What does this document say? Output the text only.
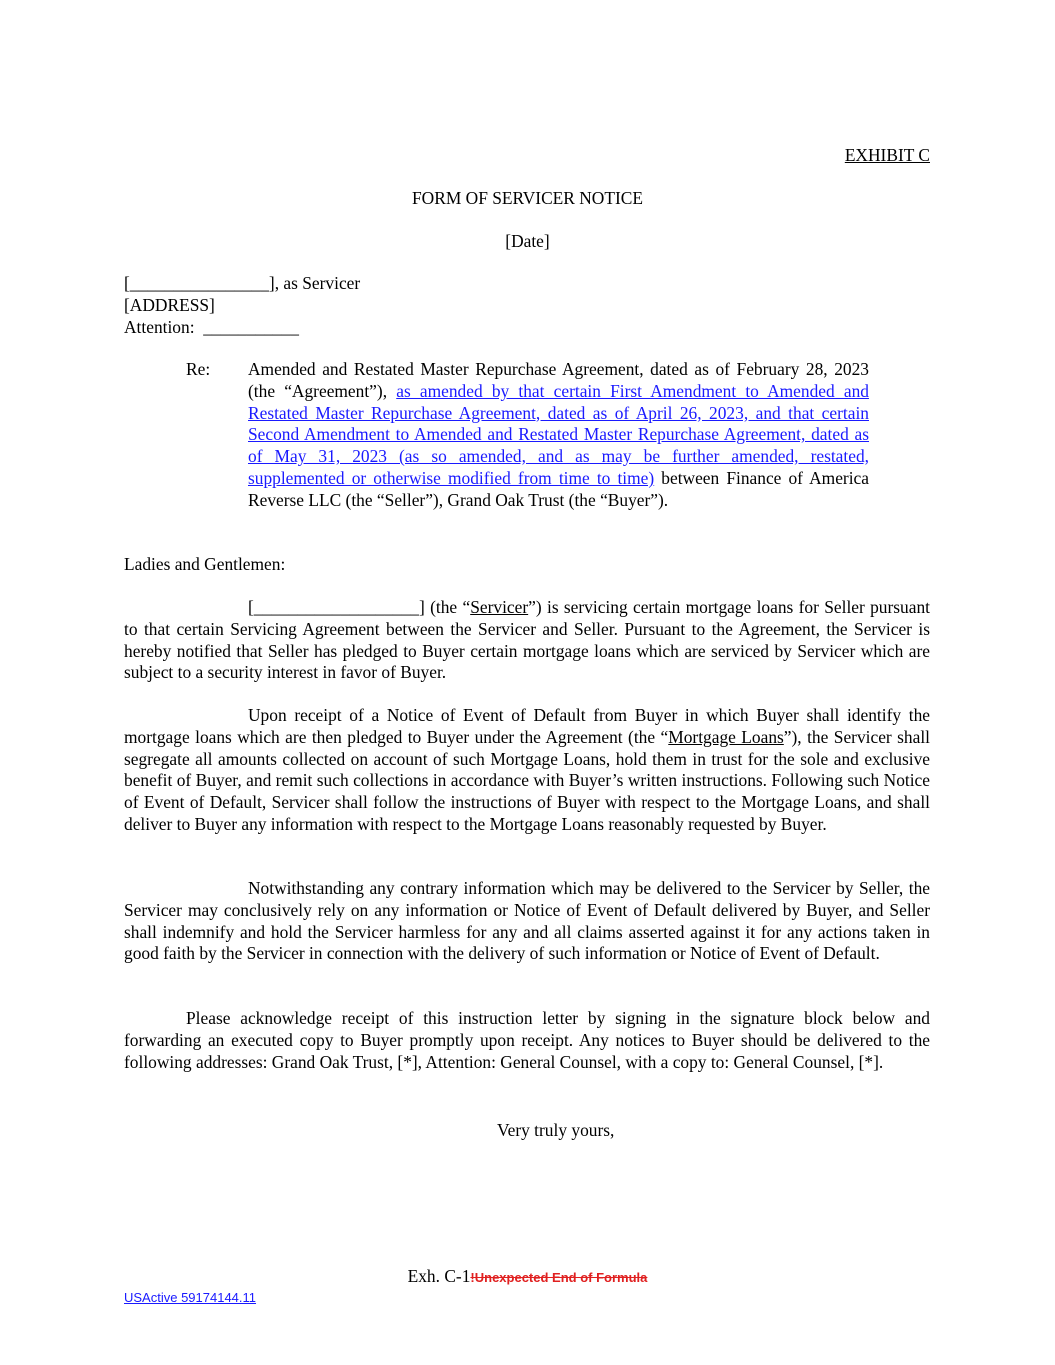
EXHIBIT C
FORM OF SERVICER NOTICE
[Date]
[________________], as Servicer
[ADDRESS]
Attention: ___________
Re: Amended and Restated Master Repurchase Agreement, dated as of February 28, 2023 (the “Agreement”), as amended by that certain First Amendment to Amended and Restated Master Repurchase Agreement, dated as of April 26, 2023, and that certain Second Amendment to Amended and Restated Master Repurchase Agreement, dated as of May 31, 2023 (as so amended, and as may be further amended, restated, supplemented or otherwise modified from time to time) between Finance of America Reverse LLC (the “Seller”), Grand Oak Trust (the “Buyer”).
Ladies and Gentlemen:
[___________________] (the “Servicer”) is servicing certain mortgage loans for Seller pursuant to that certain Servicing Agreement between the Servicer and Seller. Pursuant to the Agreement, the Servicer is hereby notified that Seller has pledged to Buyer certain mortgage loans which are serviced by Servicer which are subject to a security interest in favor of Buyer.
Upon receipt of a Notice of Event of Default from Buyer in which Buyer shall identify the mortgage loans which are then pledged to Buyer under the Agreement (the “Mortgage Loans”), the Servicer shall segregate all amounts collected on account of such Mortgage Loans, hold them in trust for the sole and exclusive benefit of Buyer, and remit such collections in accordance with Buyer’s written instructions. Following such Notice of Event of Default, Servicer shall follow the instructions of Buyer with respect to the Mortgage Loans, and shall deliver to Buyer any information with respect to the Mortgage Loans reasonably requested by Buyer.
Notwithstanding any contrary information which may be delivered to the Servicer by Seller, the Servicer may conclusively rely on any information or Notice of Event of Default delivered by Buyer, and Seller shall indemnify and hold the Servicer harmless for any and all claims asserted against it for any actions taken in good faith by the Servicer in connection with the delivery of such information or Notice of Event of Default.
Please acknowledge receipt of this instruction letter by signing in the signature block below and forwarding an executed copy to Buyer promptly upon receipt. Any notices to Buyer should be delivered to the following addresses: Grand Oak Trust, [*], Attention: General Counsel, with a copy to: General Counsel, [*].
Very truly yours,
Exh. C-1!Unexpected End of Formula
USActive 59174144.11
